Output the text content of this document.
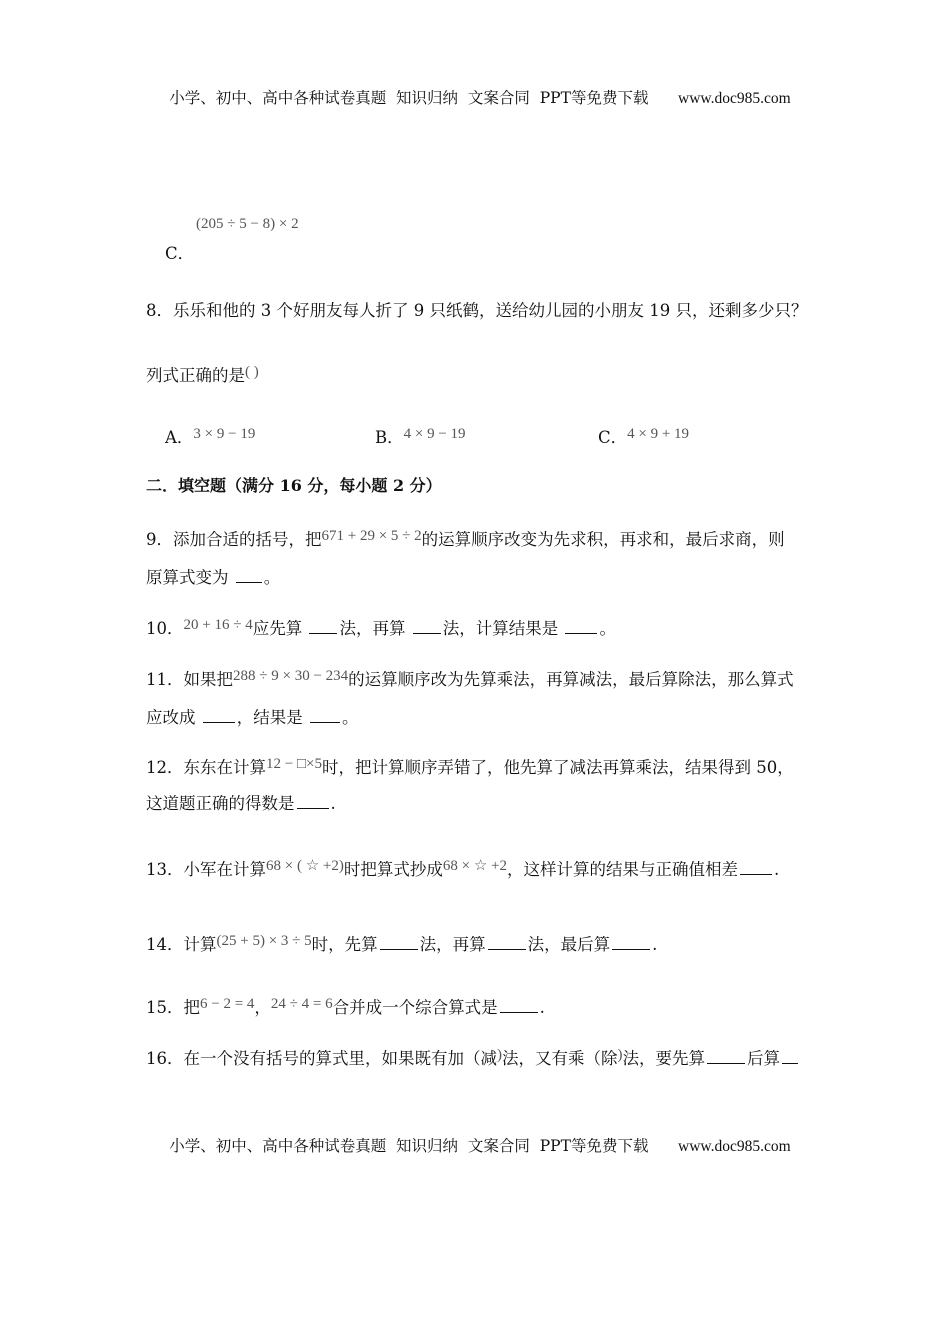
小学、初中、高中各种试卷真题  知识归纳  文案合同  PPT等免费下载 www.doc985.com

(205 ÷ 5 − 8) × 2
C．
8．乐乐和他的 3 个好朋友每人折了 9 只纸鹤，送给幼儿园的小朋友 19 只，还剩多少只？
列式正确的是( )
A．3 × 9 − 19	B．4 × 9 − 19	C．4 × 9 + 19
二．填空题（满分 16 分，每小题 2 分）
9．添加合适的括号，把671 + 29 × 5 ÷ 2的运算顺序改变为先求积，再求和，最后求商，则
原算式变为 。
10．20 + 16 ÷ 4应先算 法，再算 法，计算结果是	。
11．如果把288 ÷ 9 × 30 − 234的运算顺序改为先算乘法，再算减法，最后算除法，那么算式
应改成	，结果是 。
12．东东在计算12 − □×5时，把计算顺序弄错了，他先算了减法再算乘法，结果得到 50，
这道题正确的得数是 .
13．小军在计算68 × ( ☆ +2)时把算式抄成68 × ☆ +2，这样计算的结果与正确值相差 .
14．计算(25 + 5) × 3 ÷ 5时，先算	法，再算	法，最后算	.
15．把6 − 2 = 4，24 ÷ 4 = 6合并成一个综合算式是	.
16．在一个没有括号的算式里，如果既有加（减)法，又有乘（除)法，要先算	后算

小学、初中、高中各种试卷真题  知识归纳  文案合同  PPT等免费下载 www.doc985.com
